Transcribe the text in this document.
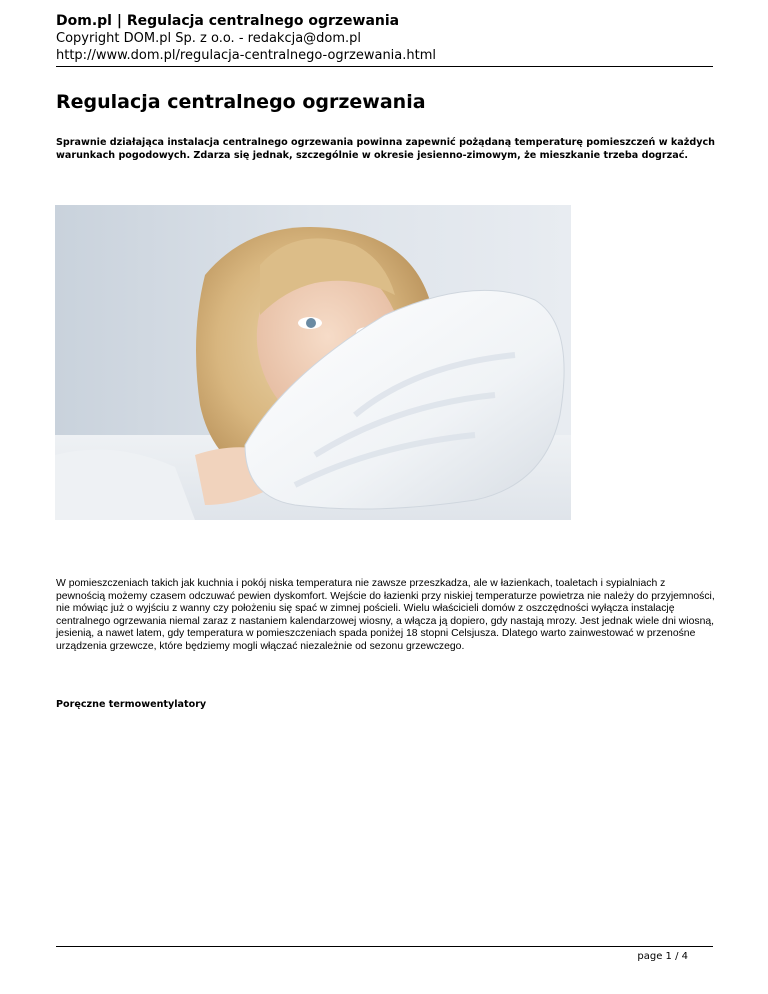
Dom.pl | Regulacja centralnego ogrzewania
Copyright DOM.pl Sp. z o.o. - redakcja@dom.pl
http://www.dom.pl/regulacja-centralnego-ogrzewania.html
Regulacja centralnego ogrzewania

Sprawnie działająca instalacja centralnego ogrzewania powinna zapewnić pożądaną temperaturę pomieszczeń w każdych warunkach pogodowych. Zdarza się jednak, szczególnie w okresie jesienno-zimowym, że mieszkanie trzeba dogrzać.

W pomieszczeniach takich jak kuchnia i pokój niska temperatura nie zawsze przeszkadza, ale w łazienkach, toaletach i sypialniach z pewnością możemy czasem odczuwać pewien dyskomfort. Wejście do łazienki przy niskiej temperaturze powietrza nie należy do przyjemności, nie mówiąc już o wyjściu z wanny czy położeniu się spać w zimnej pościeli. Wielu właścicieli domów z oszczędności wyłącza instalację centralnego ogrzewania niemal zaraz z nastaniem kalendarzowej wiosny, a włącza ją dopiero, gdy nastają mrozy. Jest jednak wiele dni wiosną, jesienią, a nawet latem, gdy temperatura w pomieszczeniach spada poniżej 18 stopni Celsjusza. Dlatego warto zainwestować w przenośne urządzenia grzewcze, które będziemy mogli włączać niezależnie od sezonu grzewczego.

Poręczne termowentylatory

page 1 / 4
